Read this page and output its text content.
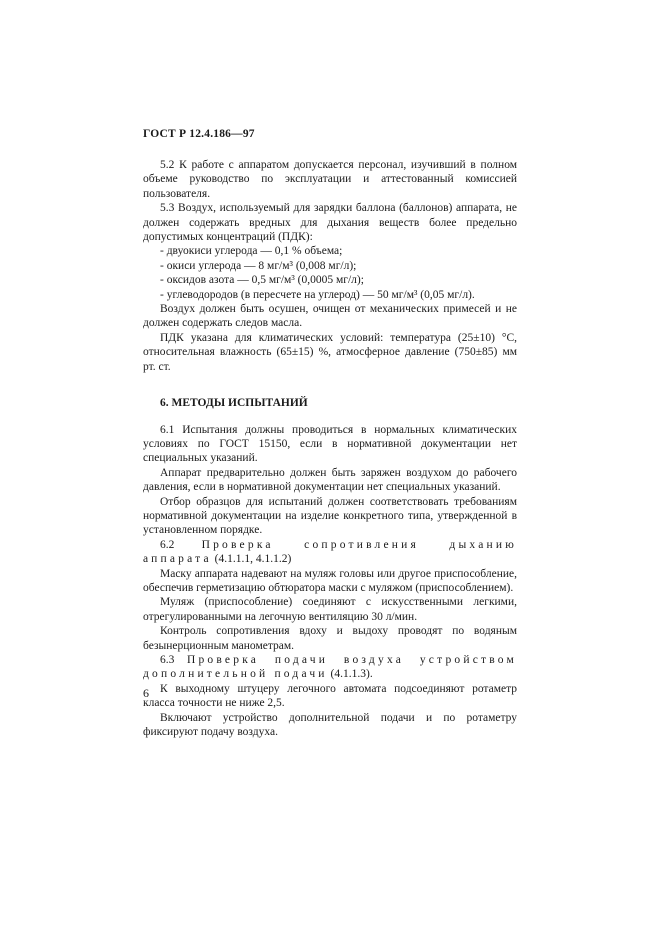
ГОСТ Р 12.4.186—97

5.2 К работе с аппаратом допускается персонал, изучивший в полном объеме руководство по эксплуатации и аттестованный комиссией пользователя.

5.3 Воздух, используемый для зарядки баллона (баллонов) аппарата, не должен содержать вредных для дыхания веществ более предельно допустимых концентраций (ПДК):

- двуокиси углерода — 0,1 % объема;

- окиси углерода — 8 мг/м³ (0,008 мг/л);

- оксидов азота — 0,5 мг/м³ (0,0005 мг/л);

- углеводородов (в пересчете на углерод) — 50 мг/м³ (0,05 мг/л).

Воздух должен быть осушен, очищен от механических примесей и не должен содержать следов масла.

ПДК указана для климатических условий: температура (25±10) °С, относительная влажность (65±15) %, атмосферное давление (750±85) мм рт. ст.

6. МЕТОДЫ ИСПЫТАНИЙ

6.1 Испытания должны проводиться в нормальных климатических условиях по ГОСТ 15150, если в нормативной документации нет специальных указаний.

Аппарат предварительно должен быть заряжен воздухом до рабочего давления, если в нормативной документации нет специальных указаний.

Отбор образцов для испытаний должен соответствовать требованиям нормативной документации на изделие конкретного типа, утвержденной в установленном порядке.

6.2 Проверка сопротивления дыханию аппарата (4.1.1.1, 4.1.1.2)

Маску аппарата надевают на муляж головы или другое приспособление, обеспечив герметизацию обтюратора маски с муляжом (приспособлением).

Муляж (приспособление) соединяют с искусственными легкими, отрегулированными на легочную вентиляцию 30 л/мин.

Контроль сопротивления вдоху и выдоху проводят по водяным безынерционным манометрам.

6.3 Проверка подачи воздуха устройством дополнительной подачи (4.1.1.3).

К выходному штуцеру легочного автомата подсоединяют ротаметр класса точности не ниже 2,5.

Включают устройство дополнительной подачи и по ротаметру фиксируют подачу воздуха.

6
